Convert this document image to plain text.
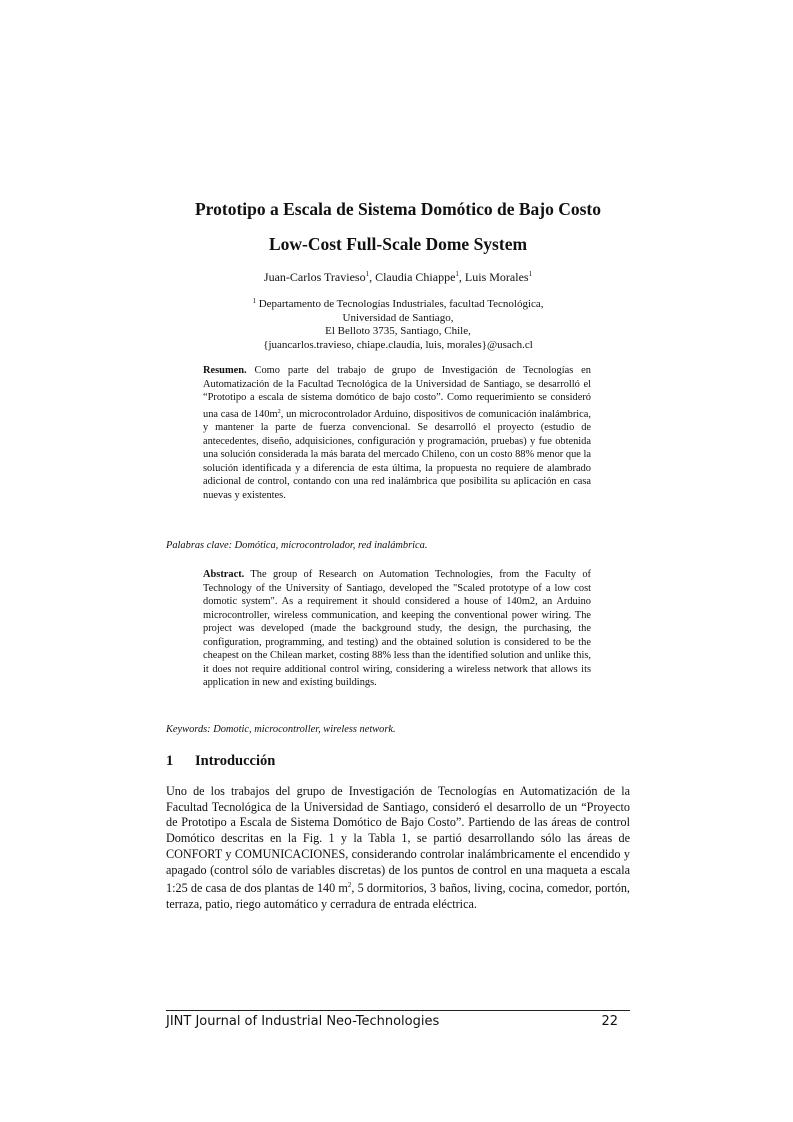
Prototipo a Escala de Sistema Domótico de Bajo Costo
Low-Cost Full-Scale Dome System
Juan-Carlos Travieso$^1$, Claudia Chiappe$^1$, Luis Morales$^1$
$^1$ Departamento de Tecnologías Industriales, facultad Tecnológica,
Universidad de Santiago,
El Belloto 3735, Santiago, Chile,
{juancarlos.travieso, chiape.claudia, luis, morales}@usach.cl

Resumen. Como parte del trabajo de grupo de Investigación de Tecnologías en Automatización de la Facultad Tecnológica de la Universidad de Santiago, se desarrolló el “Prototipo a escala de sistema domótico de bajo costo”. Como requerimiento se consideró una casa de $140m^2$, un microcontrolador Arduino, dispositivos de comunicación inalámbrica, y mantener la parte de fuerza convencional. Se desarrolló el proyecto (estudio de antecedentes, diseño, adquisiciones, configuración y programación, pruebas) y fue obtenida una solución considerada la más barata del mercado Chileno, con un costo 88% menor que la solución identificada y a diferencia de esta última, la propuesta no requiere de alambrado adicional de control, contando con una red inalámbrica que posibilita su aplicación en casa nuevas y existentes.

Palabras clave: Domótica, microcontrolador, red inalámbrica.

Abstract. The group of Research on Automation Technologies, from the Faculty of Technology of the University of Santiago, developed the "Scaled prototype of a low cost domotic system". As a requirement it should considered a house of 140m2, an Arduino microcontroller, wireless communication, and keeping the conventional power wiring. The project was developed (made the background study, the design, the purchasing, the configuration, programming, and testing) and the obtained solution is considered to be the cheapest on the Chilean market, costing 88% less than the identified solution and unlike this, it does not require additional control wiring, considering a wireless network that allows its application in new and existing buildings.

Keywords: Domotic, microcontroller, wireless network.

1 Introducción

Uno de los trabajos del grupo de Investigación de Tecnologías en Automatización de la Facultad Tecnológica de la Universidad de Santiago, consideró el desarrollo de un “Proyecto de Prototipo a Escala de Sistema Domótico de Bajo Costo”. Partiendo de las áreas de control Domótico descritas en la Fig. 1 y la Tabla 1, se partió desarrollando sólo las áreas de CONFORT y COMUNICACIONES, considerando controlar inalámbricamente el encendido y apagado (control sólo de variables discretas) de los puntos de control en una maqueta a escala 1:25 de casa de dos plantas de 140 $m^2$, 5 dormitorios, 3 baños, living, cocina, comedor, portón, terraza, patio, riego automático y cerradura de entrada eléctrica.

JINT Journal of Industrial Neo-Technologies	22
